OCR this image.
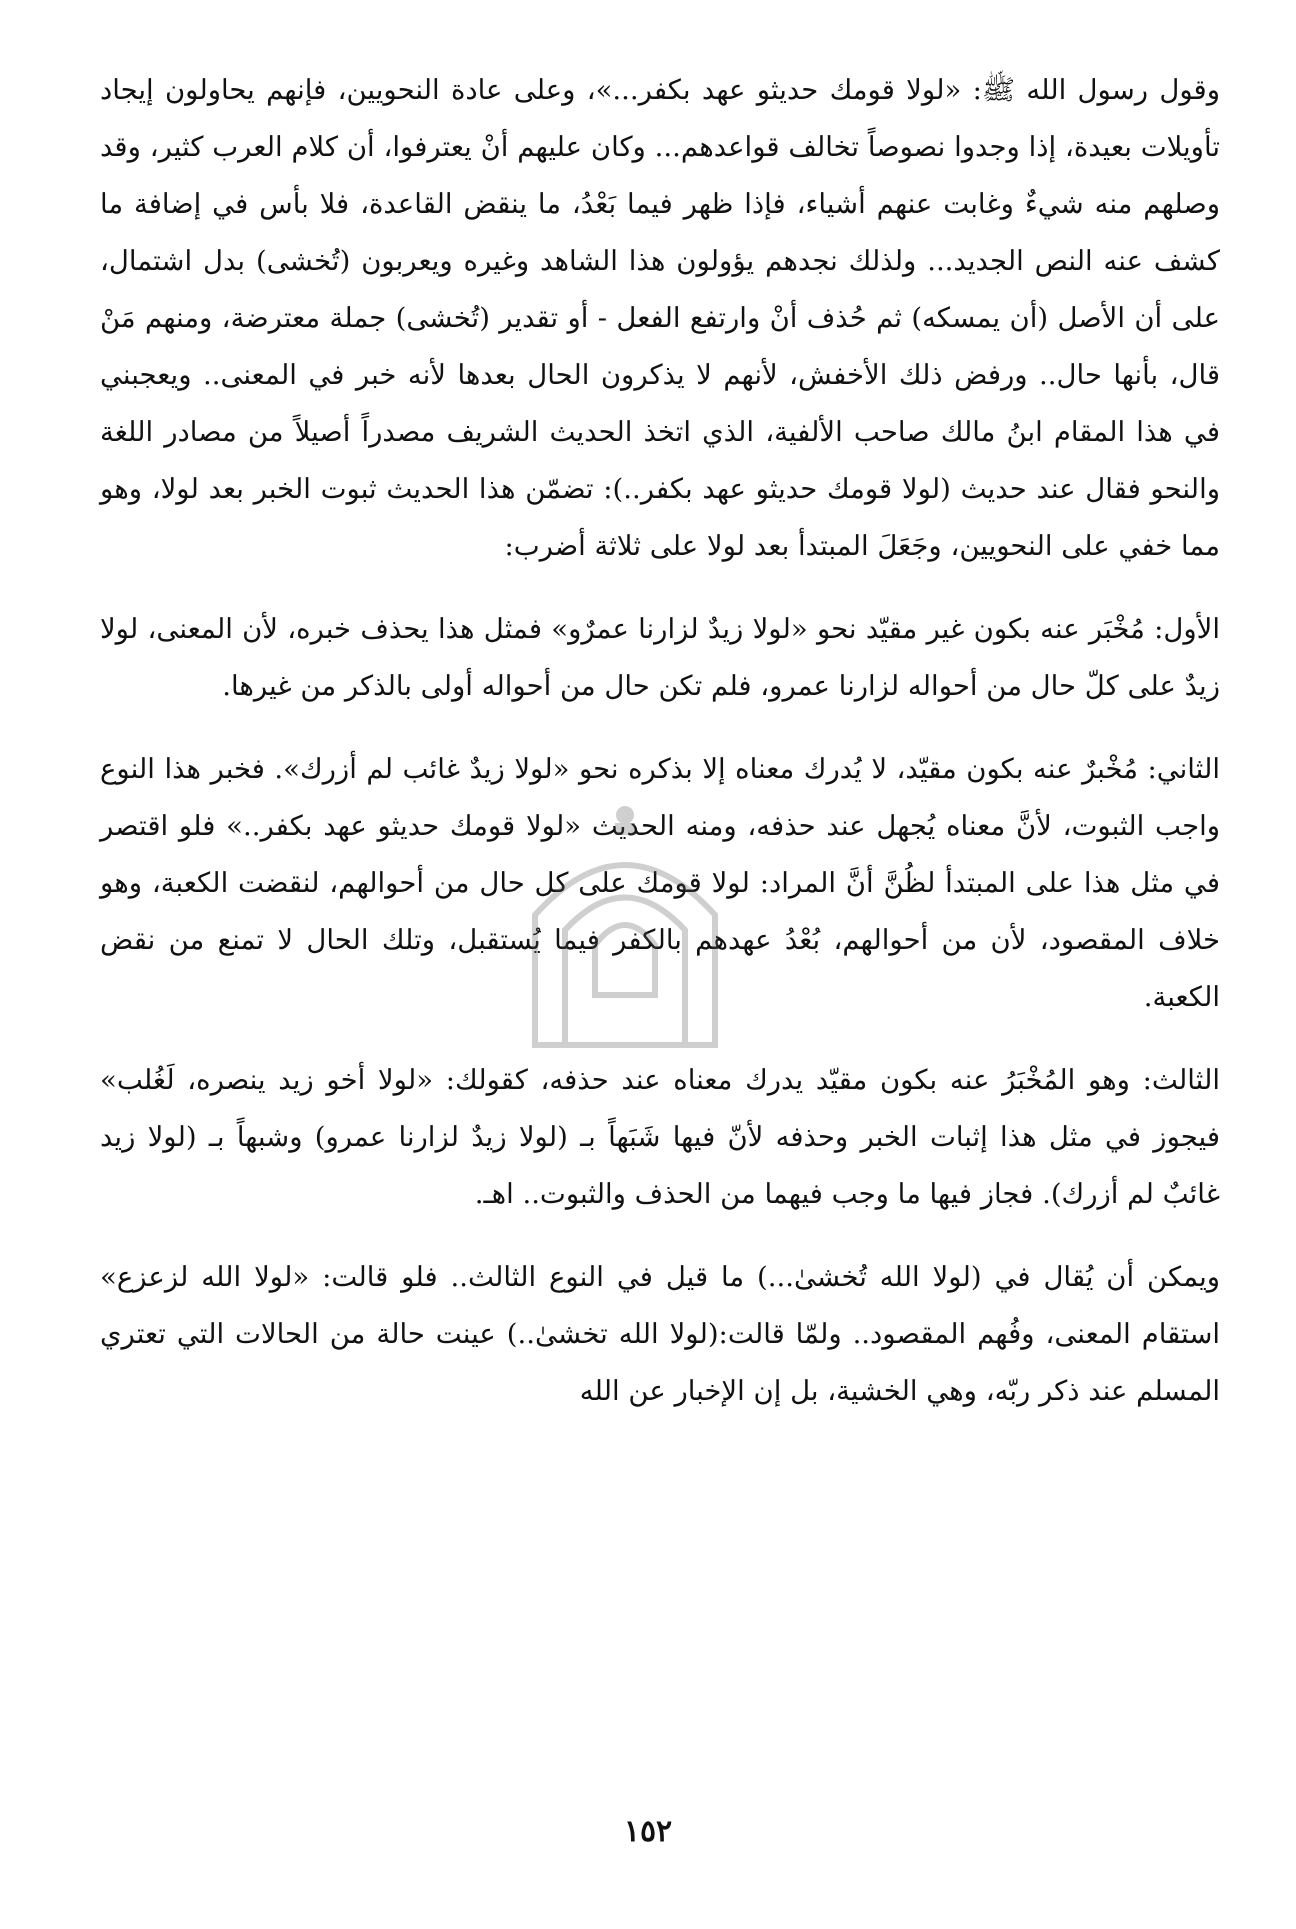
وقول رسول الله ﷺ: «لولا قومك حديثو عهد بكفر...»، وعلى عادة النحويين، فإنهم يحاولون إيجاد تأويلات بعيدة، إذا وجدوا نصوصاً تخالف قواعدهم... وكان عليهم أنْ يعترفوا، أن كلام العرب كثير، وقد وصلهم منه شيءٌ وغابت عنهم أشياء، فإذا ظهر فيما بَعْدُ، ما ينقض القاعدة، فلا بأس في إضافة ما كشف عنه النص الجديد... ولذلك نجدهم يؤولون هذا الشاهد وغيره ويعربون (تُخشى) بدل اشتمال، على أن الأصل (أن يمسكه) ثم حُذف أنْ وارتفع الفعل - أو تقدير (تُخشى) جملة معترضة، ومنهم مَنْ قال، بأنها حال.. ورفض ذلك الأخفش، لأنهم لا يذكرون الحال بعدها لأنه خبر في المعنى.. ويعجبني في هذا المقام ابنُ مالك صاحب الألفية، الذي اتخذ الحديث الشريف مصدراً أصيلاً من مصادر اللغة والنحو فقال عند حديث (لولا قومك حديثو عهد بكفر..): تضمّن هذا الحديث ثبوت الخبر بعد لولا، وهو مما خفي على النحويين، وجَعَلَ المبتدأ بعد لولا على ثلاثة أضرب:

الأول: مُخْبَر عنه بكون غير مقيّد نحو «لولا زيدٌ لزارنا عمرٌو» فمثل هذا يحذف خبره، لأن المعنى، لولا زيدٌ على كلّ حال من أحواله لزارنا عمرو، فلم تكن حال من أحواله أولى بالذكر من غيرها.

الثاني: مُخْبرٌ عنه بكون مقيّد، لا يُدرك معناه إلا بذكره نحو «لولا زيدٌ غائب لم أزرك». فخبر هذا النوع واجب الثبوت، لأنَّ معناه يُجهل عند حذفه، ومنه الحديث «لولا قومك حديثو عهد بكفر..» فلو اقتصر في مثل هذا على المبتدأ لظُنَّ أنَّ المراد: لولا قومك على كل حال من أحوالهم، لنقضت الكعبة، وهو خلاف المقصود، لأن من أحوالهم، بُعْدُ عهدهم بالكفر فيما يُستقبل، وتلك الحال لا تمنع من نقض الكعبة.

الثالث: وهو المُخْبَرُ عنه بكون مقيّد يدرك معناه عند حذفه، كقولك: «لولا أخو زيد ينصره، لَغُلب» فيجوز في مثل هذا إثبات الخبر وحذفه لأنّ فيها شَبَهاً بـ (لولا زيدٌ لزارنا عمرو) وشبهاً بـ (لولا زيد غائبٌ لم أزرك). فجاز فيها ما وجب فيهما من الحذف والثبوت.. اهـ.

ويمكن أن يُقال في (لولا الله تُخشىٰ...) ما قيل في النوع الثالث.. فلو قالت: «لولا الله لزعزع» استقام المعنى، وفُهم المقصود.. ولمّا قالت:(لولا الله تخشىٰ..) عينت حالة من الحالات التي تعتري المسلم عند ذكر ربّه، وهي الخشية، بل إن الإخبار عن الله

١٥٢
